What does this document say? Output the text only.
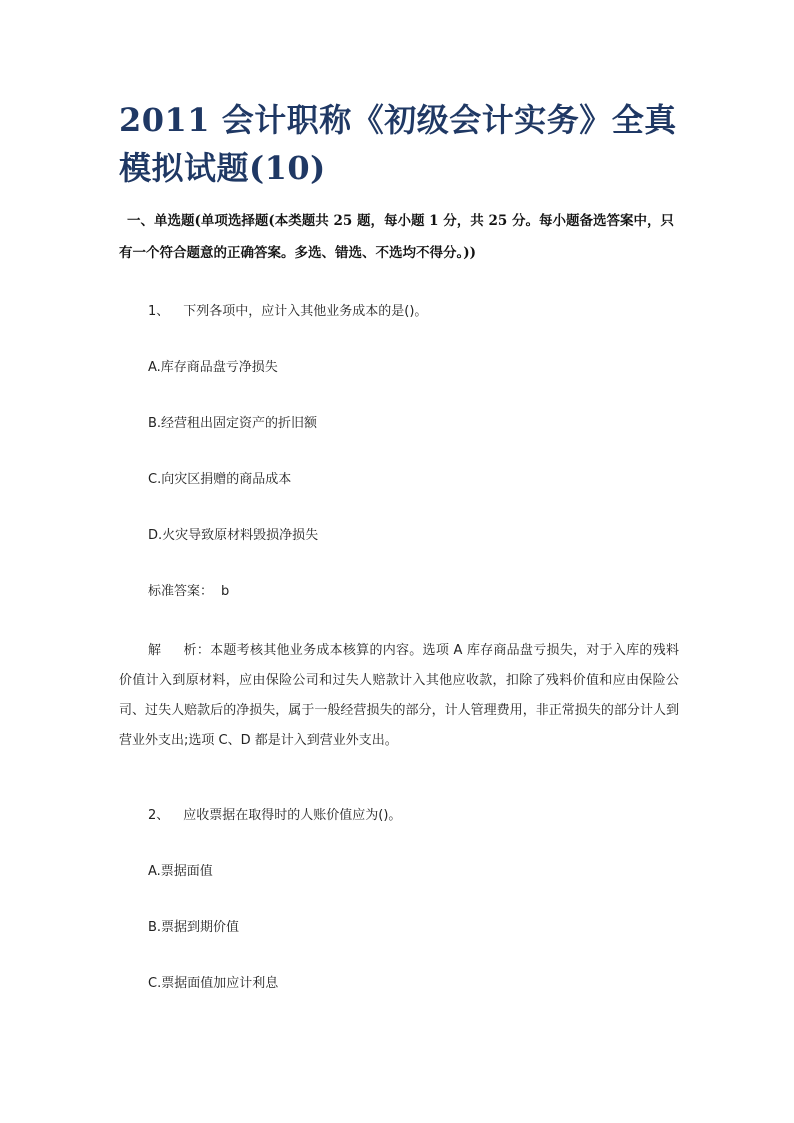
2011 会计职称《初级会计实务》全真模拟试题(10)

一、单选题(单项选择题(本类题共 25 题，每小题 1 分，共 25 分。每小题备选答案中，只有一个符合题意的正确答案。多选、错选、不选均不得分。))

1、 下列各项中，应计入其他业务成本的是()。

A.库存商品盘亏净损失

B.经营租出固定资产的折旧额

C.向灾区捐赠的商品成本

D.火灾导致原材料毁损净损失

标准答案： b

解 析：本题考核其他业务成本核算的内容。选项 A 库存商品盘亏损失，对于入库的残料价值计入到原材料，应由保险公司和过失人赔款计入其他应收款，扣除了残料价值和应由保险公司、过失人赔款后的净损失，属于一般经营损失的部分，计人管理费用，非正常损失的部分计人到营业外支出;选项 C、D 都是计入到营业外支出。

2、 应收票据在取得时的人账价值应为()。

A.票据面值

B.票据到期价值

C.票据面值加应计利息
